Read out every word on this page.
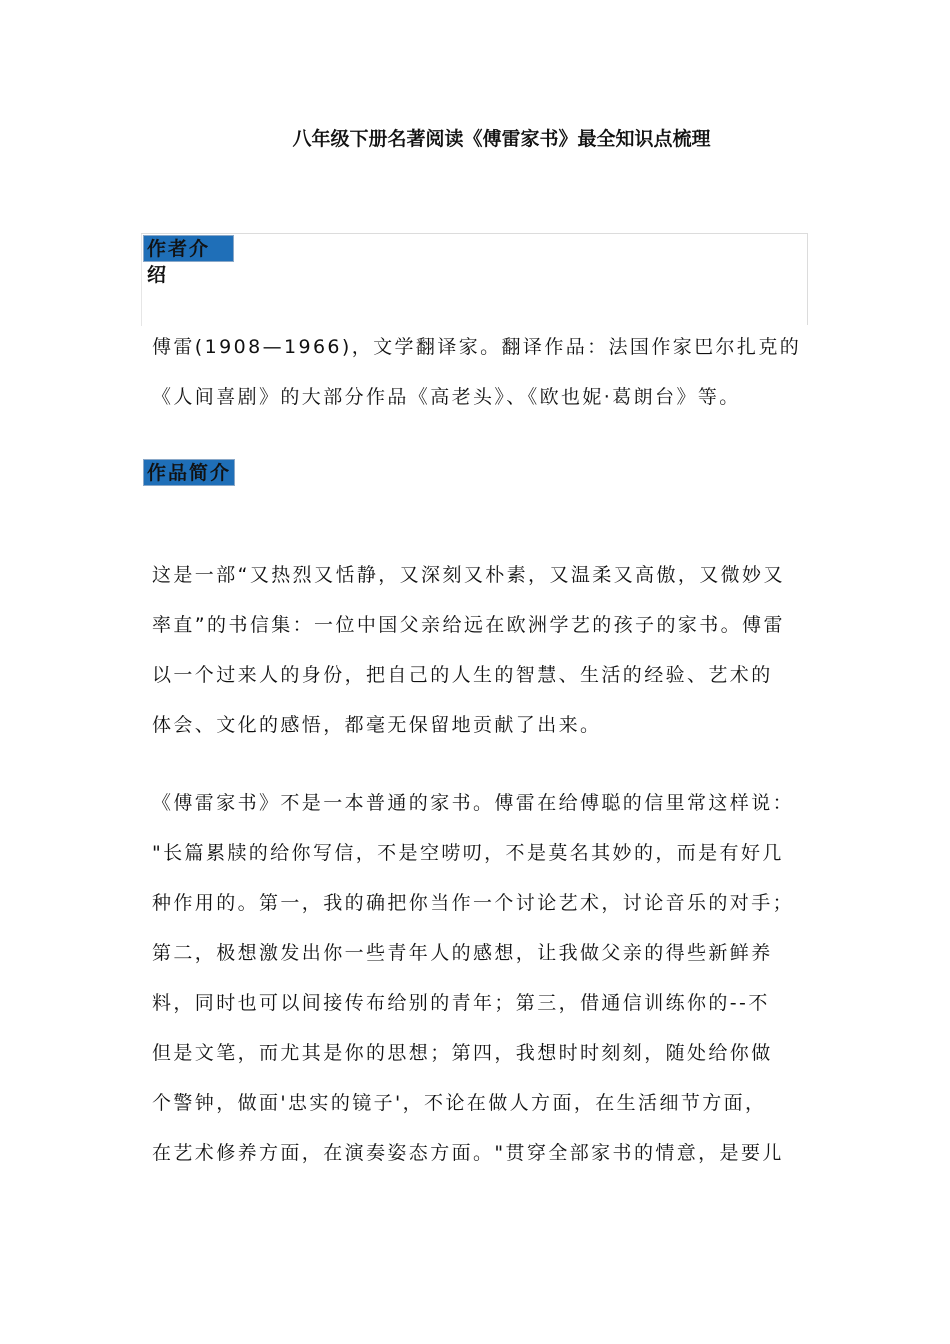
八年级下册名著阅读《傅雷家书》最全知识点梳理
作者介绍
傅雷(1908—1966)，文学翻译家。翻译作品：法国作家巴尔扎克的
《人间喜剧》的大部分作品《高老头》、《欧也妮·葛朗台》等。
作品简介
这是一部“又热烈又恬静，又深刻又朴素，又温柔又高傲，又微妙又
率直”的书信集：一位中国父亲给远在欧洲学艺的孩子的家书。傅雷
以一个过来人的身份，把自己的人生的智慧、生活的经验、艺术的
体会、文化的感悟，都毫无保留地贡献了出来。
《傅雷家书》不是一本普通的家书。傅雷在给傅聪的信里常这样说：
"长篇累牍的给你写信，不是空唠叨，不是莫名其妙的，而是有好几
种作用的。第一，我的确把你当作一个讨论艺术，讨论音乐的对手；
第二，极想激发出你一些青年人的感想，让我做父亲的得些新鲜养
料，同时也可以间接传布给别的青年；第三，借通信训练你的--不
但是文笔，而尤其是你的思想；第四，我想时时刻刻，随处给你做
个警钟，做面'忠实的镜子'，不论在做人方面，在生活细节方面，
在艺术修养方面，在演奏姿态方面。"贯穿全部家书的情意，是要儿
